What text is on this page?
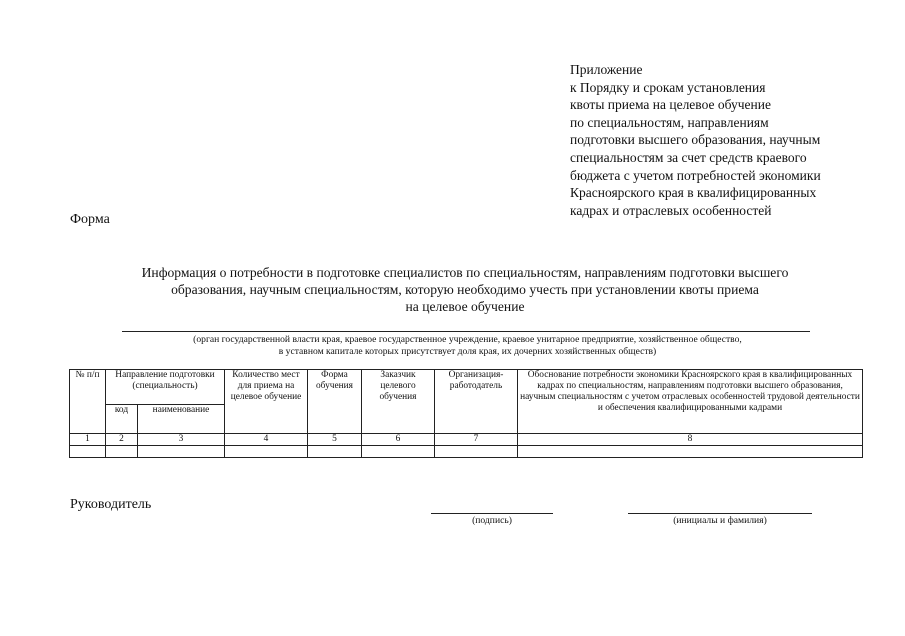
Приложение
к Порядку и срокам установления
квоты приема на целевое обучение
по специальностям, направлениям
подготовки высшего образования, научным
специальностям за счет средств краевого
бюджета с учетом потребностей экономики
Красноярского края в квалифицированных
кадрах и отраслевых особенностей
Форма
Информация о потребности в подготовке специалистов по специальностям, направлениям подготовки высшего
образования, научным специальностям, которую необходимо учесть при установлении квоты приема
на целевое обучение
(орган государственной власти края, краевое государственное учреждение, краевое унитарное предприятие, хозяйственное общество,
в уставном капитале которых присутствует доля края, их дочерних хозяйственных обществ)
№ п/п	Направление подготовки (специальность)		Количество мест для приема на целевое обучение	Форма обучения	Заказчик целевого обучения	Организация-работодатель	Обоснование потребности экономики Красноярского края в квалифицированных кадрах по специальностям, направлениям подготовки высшего образования, научным специальностям с учетом отраслевых особенностей трудовой деятельности и обеспечения квалифицированными кадрами
	код	наименование					
1	2	3	4	5	6	7	8

Руководитель
(подпись)	(инициалы и фамилия)
